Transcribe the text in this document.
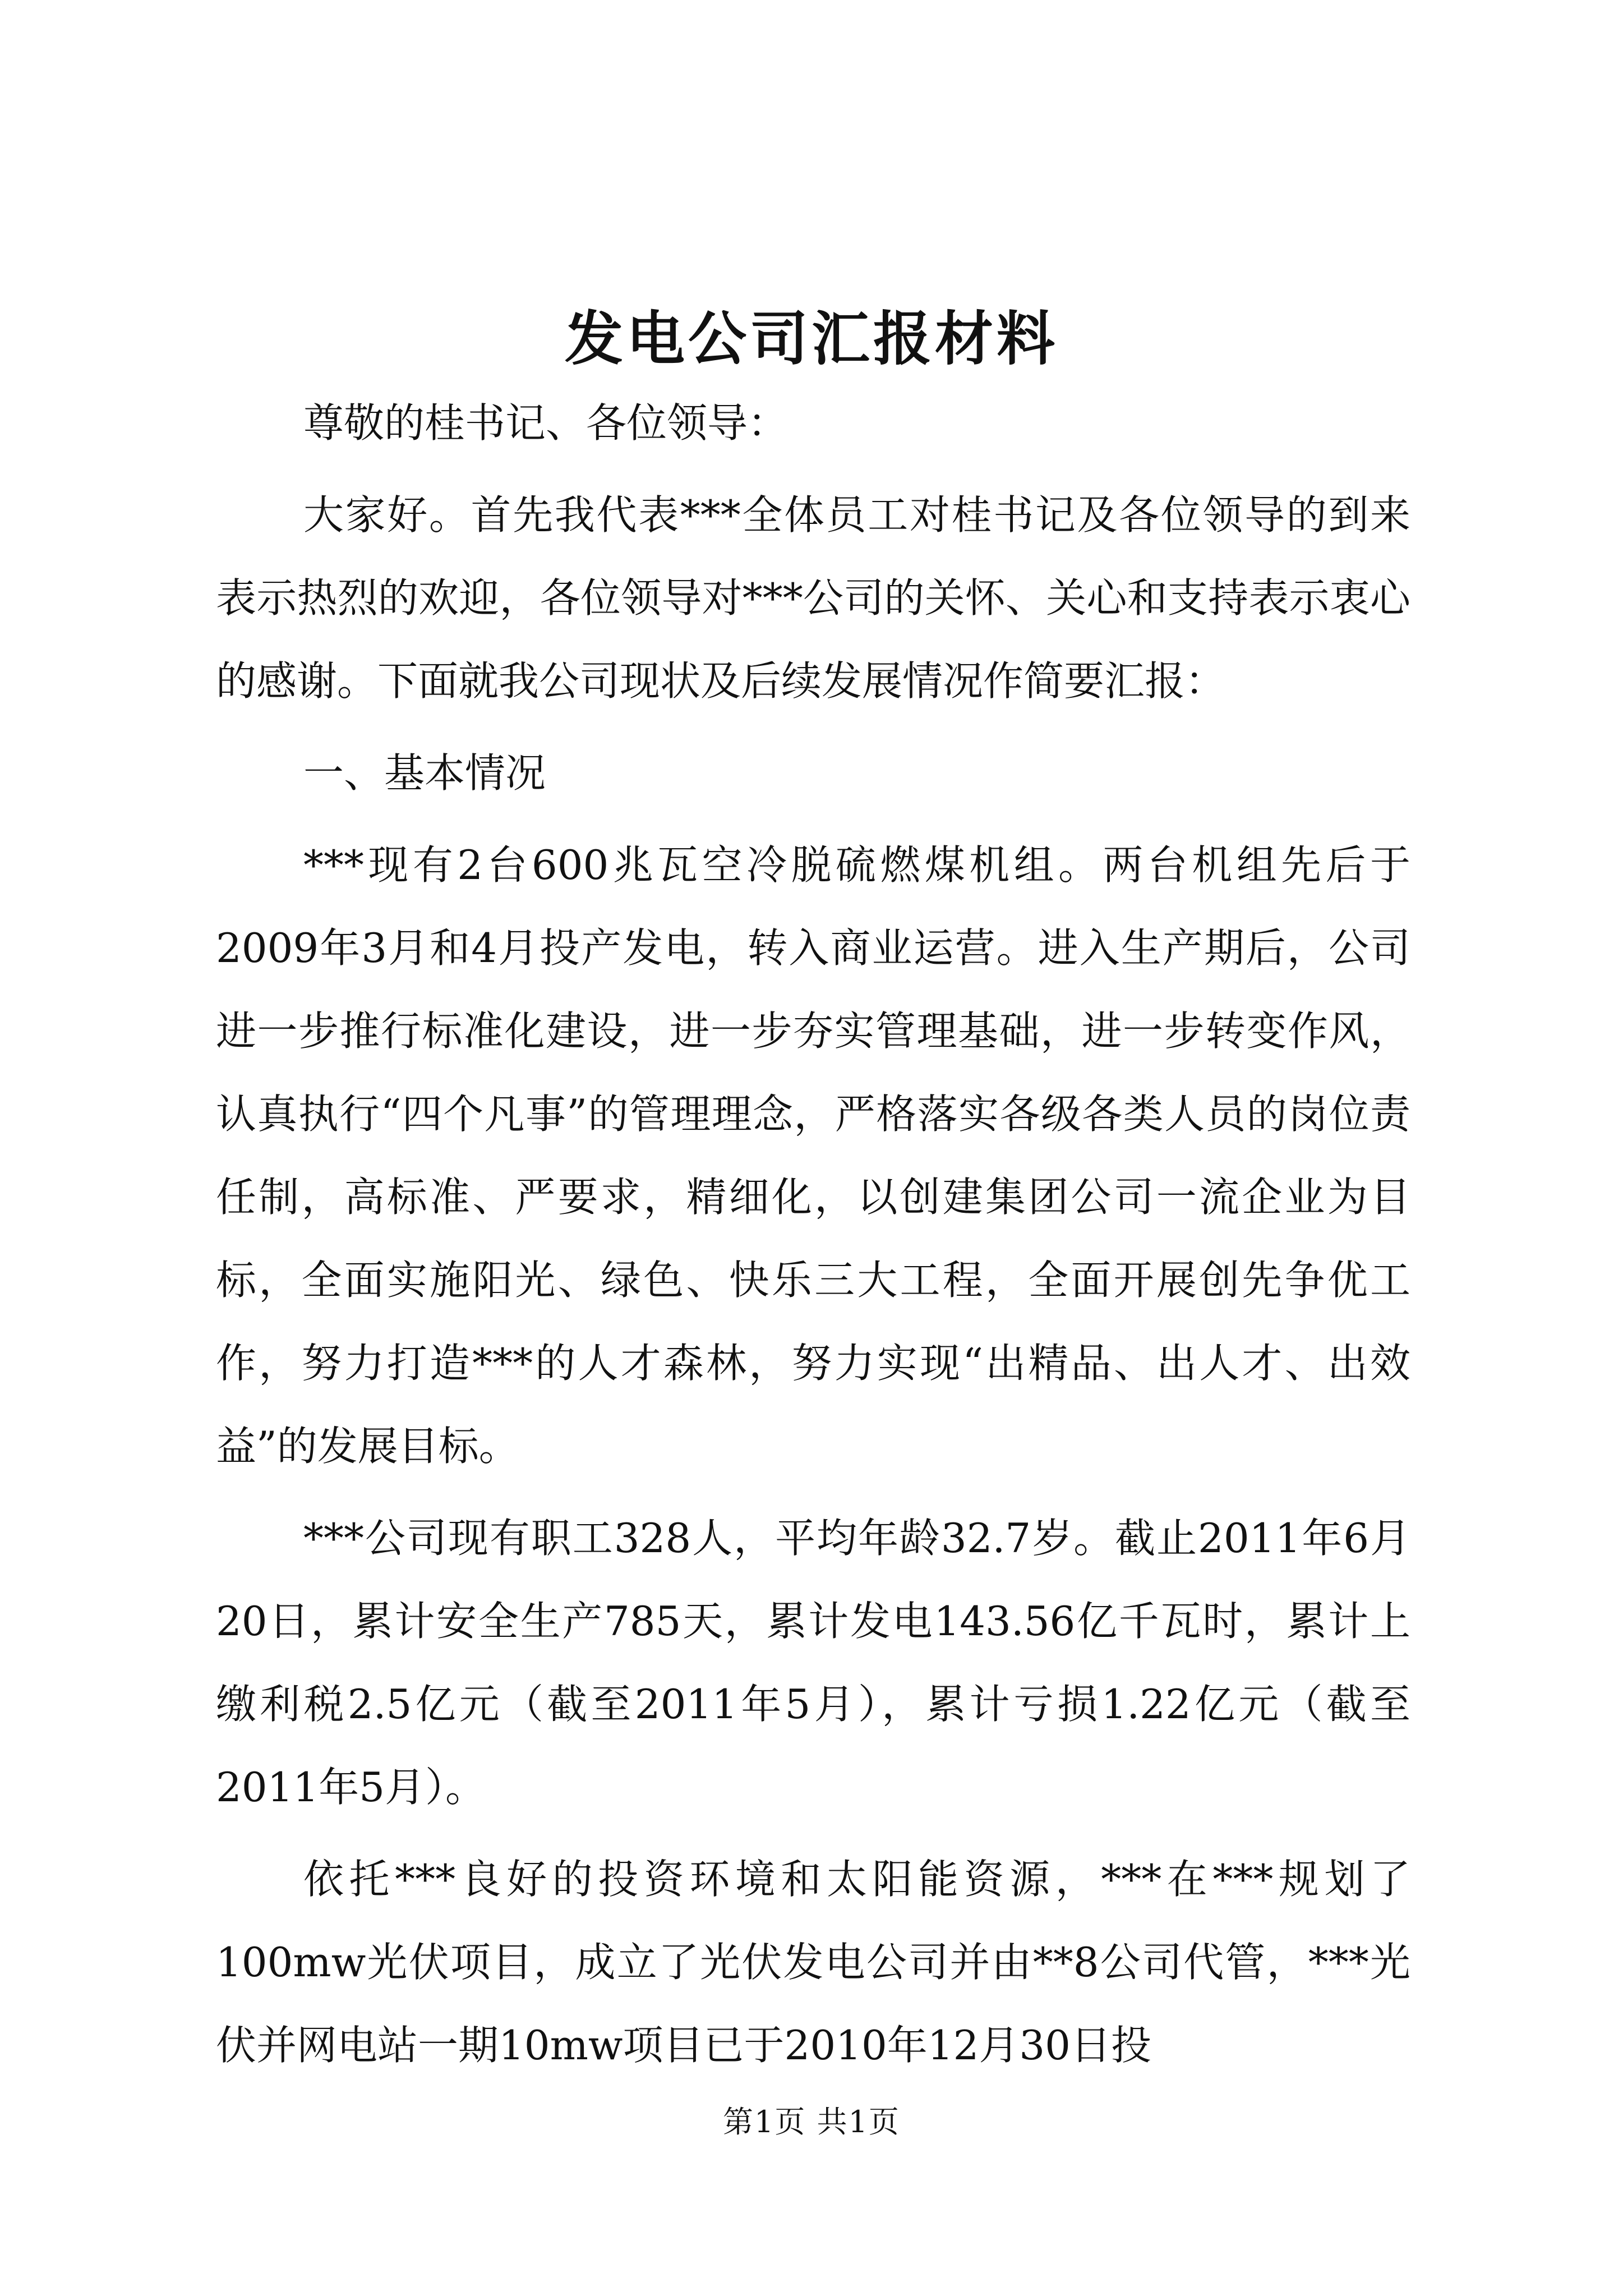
发电公司汇报材料

尊敬的桂书记、各位领导：

大家好。首先我代表***全体员工对桂书记及各位领导的到来表示热烈的欢迎，各位领导对***公司的关怀、关心和支持表示衷心的感谢。下面就我公司现状及后续发展情况作简要汇报：

一、基本情况

***现有2台600兆瓦空冷脱硫燃煤机组。两台机组先后于2009年3月和4月投产发电，转入商业运营。进入生产期后，公司进一步推行标准化建设，进一步夯实管理基础，进一步转变作风，认真执行“四个凡事”的管理理念，严格落实各级各类人员的岗位责任制，高标准、严要求，精细化，以创建集团公司一流企业为目标，全面实施阳光、绿色、快乐三大工程，全面开展创先争优工作，努力打造***的人才森林，努力实现“出精品、出人才、出效益”的发展目标。

***公司现有职工328人，平均年龄32.7岁。截止2011年6月20日，累计安全生产785天，累计发电143.56亿千瓦时，累计上缴利税2.5亿元（截至2011年5月），累计亏损1.22亿元（截至2011年5月）。

依托***良好的投资环境和太阳能资源，***在***规划了100mw光伏项目，成立了光伏发电公司并由**8公司代管，***光伏并网电站一期10mw项目已于2010年12月30日投

第1页 共1页
